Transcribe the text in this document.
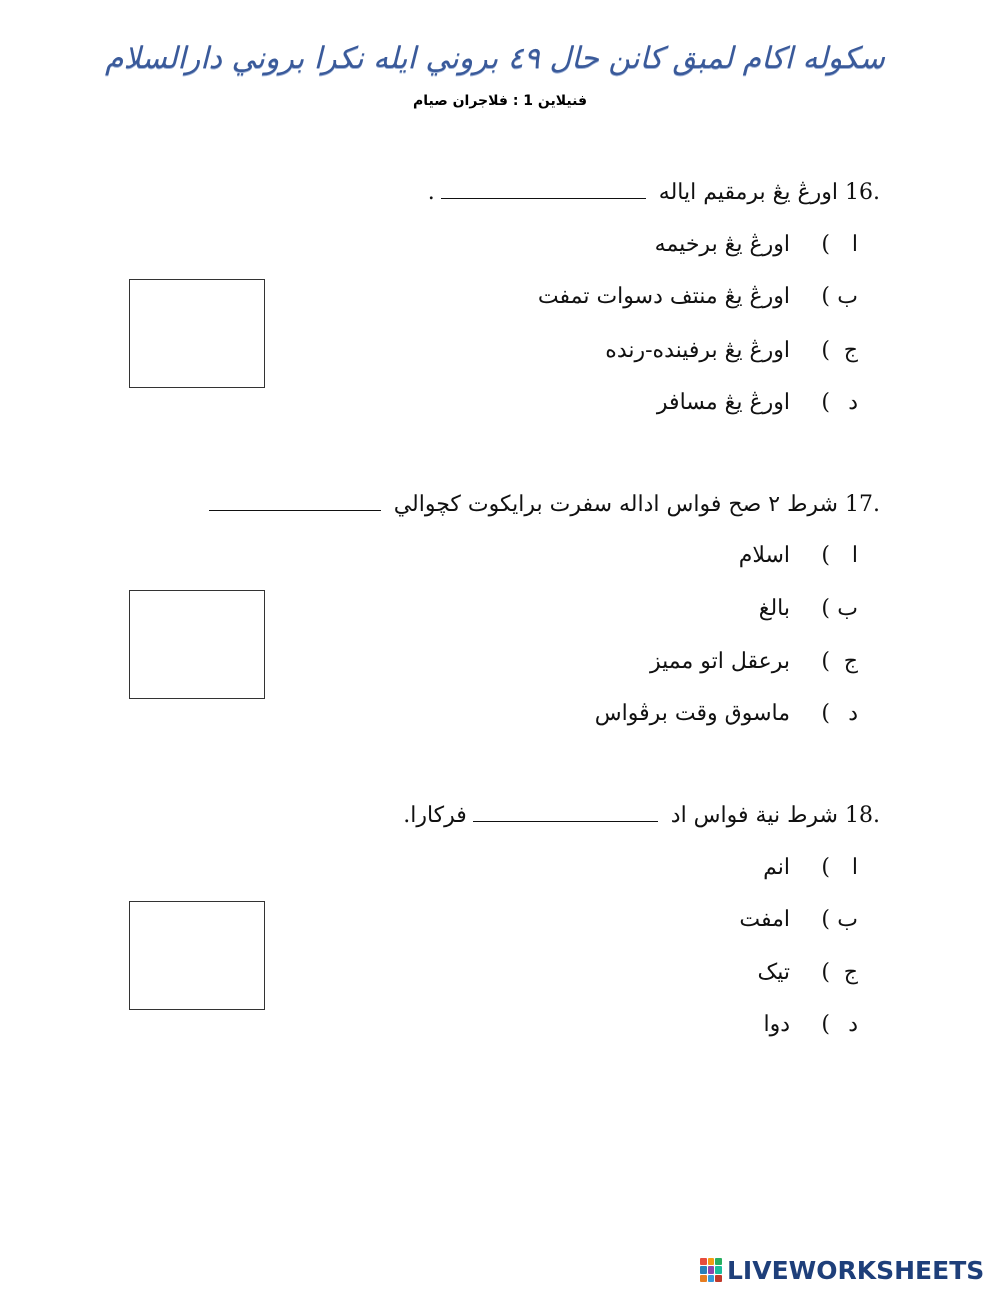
سکوله اکام لمبق کانن حال ٤٩ بروني ايله نکرا بروني دارالسلام
فنيلاين 1 : فلاجران صيام
16. اورڠ يڠ برمقيم اياله .
ا
)
اورڠ يڠ برخيمه
ب
)
اورڠ يڠ منتف دسوات تمفت
ج
)
اورڠ يڠ برفينده-رنده
د
)
اورڠ يڠ مسافر
17. شرط ٢ صح فواس اداله سفرت برايکوت کچوالي
ا
)
اسلام
ب
)
بالغ
ج
)
برعقل اتو مميز
د
)
ماسوق وقت برڤواس
18. شرط نية فواس اد فرکارا.
ا
)
انم
ب
)
امفت
ج
)
تيک
د
)
دوا
LIVEWORKSHEETS
